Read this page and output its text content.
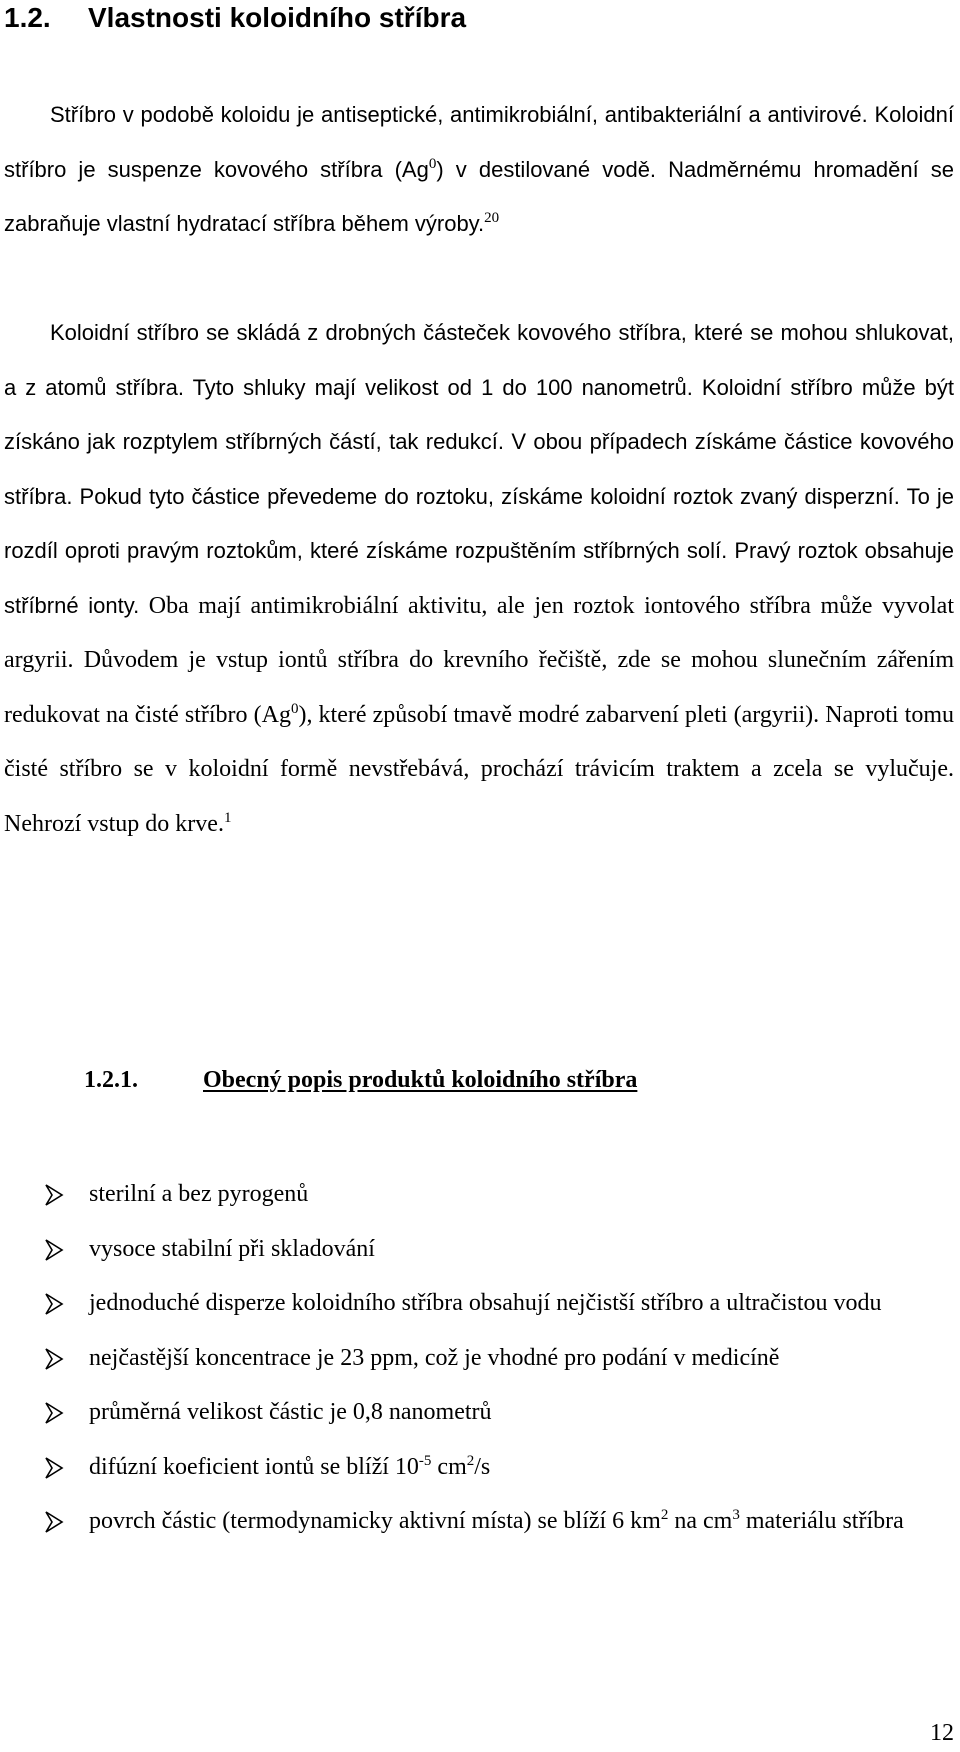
1.2. Vlastnosti koloidního stříbra

Stříbro v podobě koloidu je antiseptické, antimikrobiální, antibakteriální a antivirové. Koloidní stříbro je suspenze kovového stříbra (Ag$^0$) v destilované vodě. Nadměrnému hromadění se zabraňuje vlastní hydratací stříbra během výroby.$^{20}$

Koloidní stříbro se skládá z drobných částeček kovového stříbra, které se mohou shlukovat, a z atomů stříbra. Tyto shluky mají velikost od 1 do 100 nanometrů. Koloidní stříbro může být získáno jak rozptylem stříbrných částí, tak redukcí. V obou případech získáme částice kovového stříbra. Pokud tyto částice převedeme do roztoku, získáme koloidní roztok zvaný disperzní. To je rozdíl oproti pravým roztokům, které získáme rozpuštěním stříbrných solí. Pravý roztok obsahuje stříbrné ionty. Oba mají antimikrobiální aktivitu, ale jen roztok iontového stříbra může vyvolat argyrii. Důvodem je vstup iontů stříbra do krevního řečiště, zde se mohou slunečním zářením redukovat na čisté stříbro (Ag$^0$), které způsobí tmavě modré zabarvení pleti (argyrii). Naproti tomu čisté stříbro se v koloidní formě nevstřebává, prochází trávicím traktem a zcela se vylučuje. Nehrozí vstup do krve.$^1$

1.2.1.	Obecný popis produktů koloidního stříbra
sterilní a bez pyrogenů
vysoce stabilní při skladování
jednoduché disperze koloidního stříbra obsahují nejčistší stříbro a ultračistou vodu
nejčastější koncentrace je 23 ppm, což je vhodné pro podání v medicíně
průměrná velikost částic je 0,8 nanometrů
difúzní koeficient iontů se blíží $10^{-5}$ $cm^2/s$
povrch částic (termodynamicky aktivní místa) se blíží 6 $km^2$ na $cm^3$ materiálu stříbra
12
